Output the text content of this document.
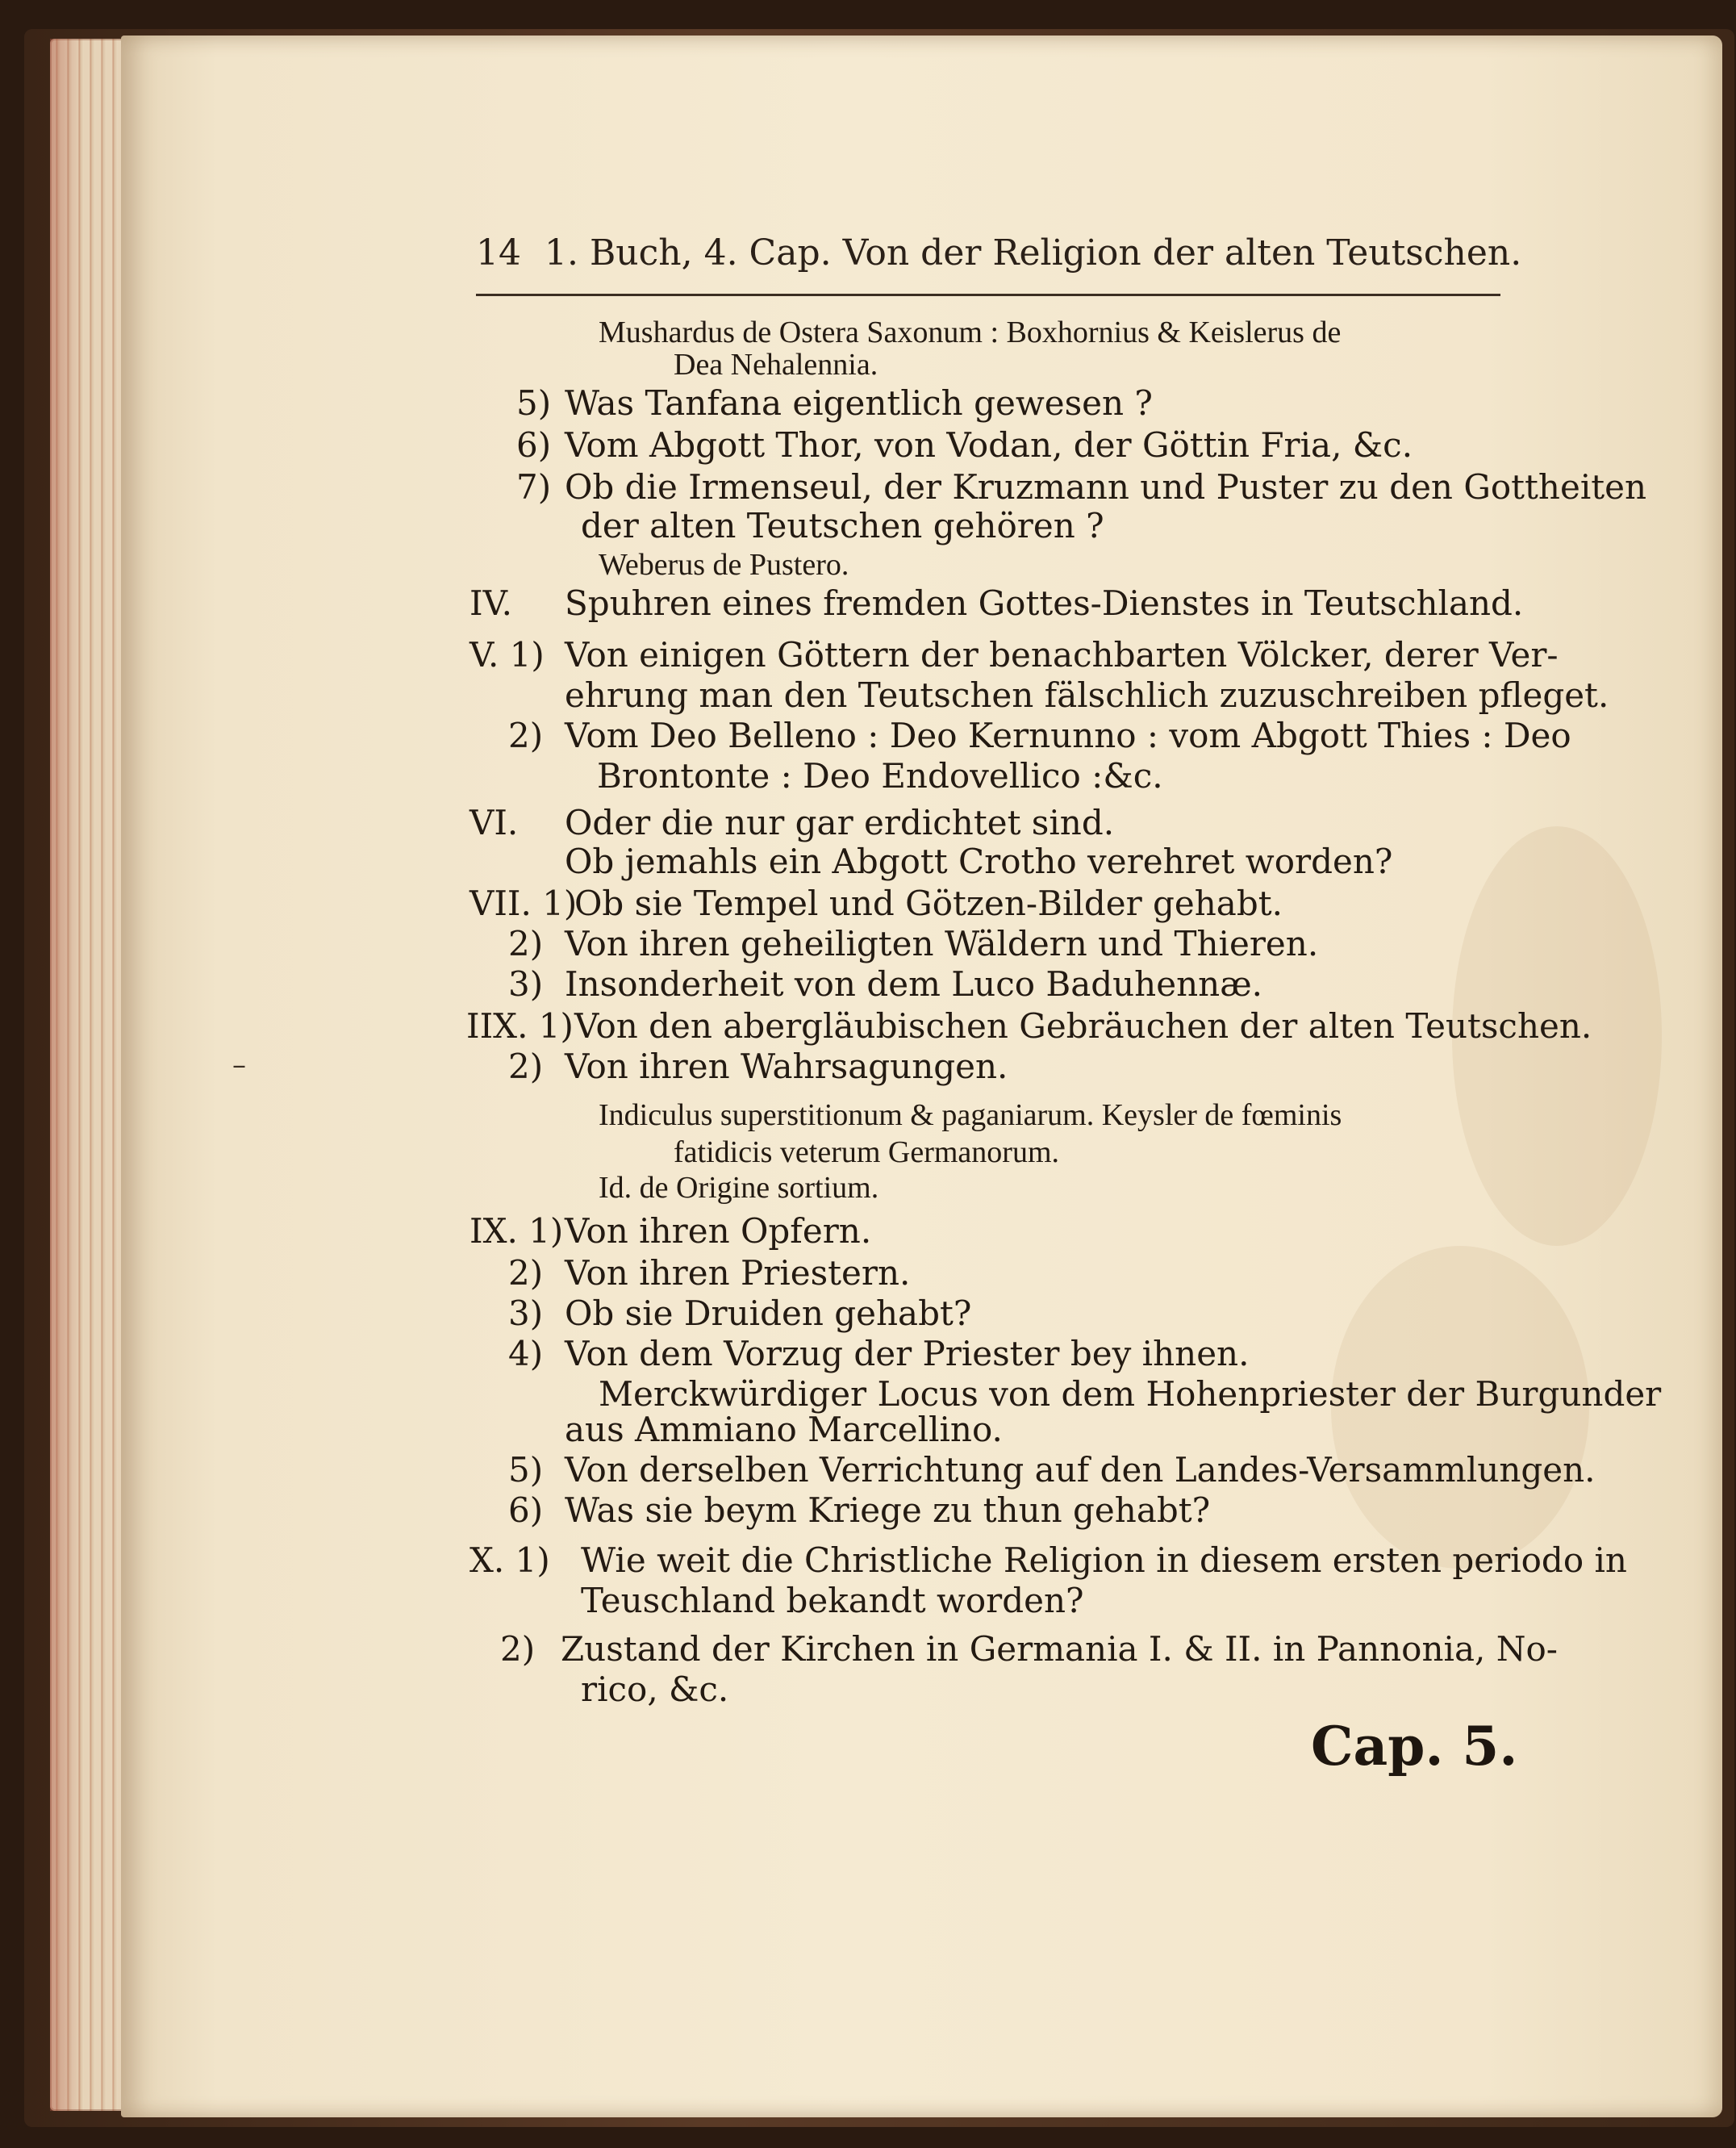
14 1. Buch, 4. Cap. Von der Religion der alten Teutschen.
Mushardus de Ostera Saxonum : Boxhornius & Keislerus de
Dea Nehalennia.
5) Was Tanfana eigentlich gewesen ?
6) Vom Abgott Thor, von Vodan, der Göttin Fria, &c.
7) Ob die Irmenseul, der Kruzmann und Puster zu den Gottheiten
der alten Teutschen gehören ?
Weberus de Pustero.
IV. Spuhren eines fremden Gottes-Dienstes in Teutschland.
V. 1) Von einigen Göttern der benachbarten Völcker, derer Ver-
ehrung man den Teutschen fälschlich zuzuschreiben pfleget.
2) Vom Deo Belleno : Deo Kernunno : vom Abgott Thies : Deo
Brontonte : Deo Endovellico :&c.
VI. Oder die nur gar erdichtet sind.
Ob jemahls ein Abgott Crotho verehret worden?
VII. 1)
Ob sie Tempel und Götzen-Bilder gehabt.
2) Von ihren geheiligten Wäldern und Thieren.
3) Insonderheit von dem Luco Baduhennæ.
IIX. 1) Von den abergläubischen Gebräuchen der alten Teutschen.
2) Von ihren Wahrsagungen.
Indiculus superstitionum & paganiarum. Keysler de fœminis
fatidicis veterum Germanorum.
Id. de Origine sortium.
IX. 1) Von ihren Opfern.
2) Von ihren Priestern.
3) Ob sie Druiden gehabt?
4) Von dem Vorzug der Priester bey ihnen.
Merckwürdiger Locus von dem Hohenpriester der Burgunder
aus Ammiano Marcellino.
5) Von derselben Verrichtung auf den Landes-Versammlungen.
6) Was sie beym Kriege zu thun gehabt?
X. 1) Wie weit die Christliche Religion in diesem ersten periodo in
Teuschland bekandt worden?
2) Zustand der Kirchen in Germania I. & II. in Pannonia, No-
rico, &c.
–
Cap. 5.
